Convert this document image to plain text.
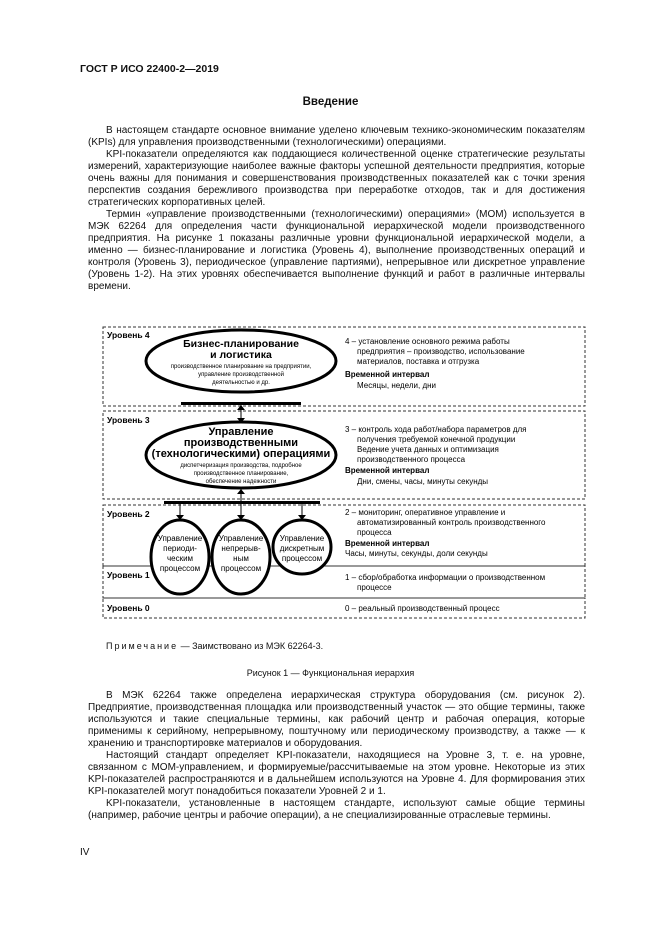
ГОСТ Р ИСО 22400-2—2019
Введение
В настоящем стандарте основное внимание уделено ключевым технико-экономическим показателям (KPIs) для управления производственными (технологическими) операциями.
KPI-показатели определяются как поддающиеся количественной оценке стратегические результаты измерений, характеризующие наиболее важные факторы успешной деятельности предприятия, которые очень важны для понимания и совершенствования производственных показателей как с точки зрения перспектив создания бережливого производства при переработке отходов, так и для достижения стратегических корпоративных целей.
Термин «управление производственными (технологическими) операциями» (MOM) используется в МЭК 62264 для определения части функциональной иерархической модели производственного предприятия. На рисунке 1 показаны различные уровни функциональной иерархической модели, а именно — бизнес-планирование и логистика (Уровень 4), выполнение производственных операций и контроля (Уровень 3), периодическое (управление партиями), непрерывное или дискретное управление (Уровень 1-2). На этих уровнях обеспечивается выполнение функций и работ в различные интервалы времени.
Уровень 4
Уровень 3
Уровень 2
Уровень 1
Уровень 0
Бизнес-планирование
и логистика
производственное планирование на предприятии,
управление производственной
деятельностью и др.
Управление
производственными
(технологическими) операциями
диспетчеризация производства, подробное
производственное планирование,
обеспечение надежности
Управление
периоди-
ческим
процессом
Управление
непрерыв-
ным
процессом
Управление
дискретным
процессом
4 – установление основного режима работы
предприятия – производство, использование
материалов, поставка и отгрузка
Временной интервал
Месяцы, недели, дни
3 – контроль хода работ/набора параметров для
получения требуемой конечной продукции
Ведение учета данных и оптимизация
производственного процесса
Временной интервал
Дни, смены, часы, минуты секунды
2 – мониторинг, оперативное управление и
автоматизированный контроль производственного
процесса
Временной интервал
Часы, минуты, секунды, доли секунды
1 – сбор/обработка информации о производственном
процессе
0 – реальный производственный процесс
Примечание — Заимствовано из МЭК 62264-3.
Рисунок 1 — Функциональная иерархия
В МЭК 62264 также определена иерархическая структура оборудования (см. рисунок 2). Предприятие, производственная площадка или производственный участок — это общие термины, также используются и такие специальные термины, как рабочий центр и рабочая операция, которые применимы к серийному, непрерывному, поштучному или периодическому производству, а также — к хранению и транспортировке материалов и оборудования.
Настоящий стандарт определяет KPI-показатели, находящиеся на Уровне 3, т. е. на уровне, связанном с MOM-управлением, и формируемые/рассчитываемые на этом уровне. Некоторые из этих KPI-показателей распространяются и в дальнейшем используются на Уровне 4. Для формирования этих KPI-показателей могут понадобиться показатели Уровней 2 и 1.
KPI-показатели, установленные в настоящем стандарте, используют самые общие термины (например, рабочие центры и рабочие операции), а не специализированные отраслевые термины.
IV
